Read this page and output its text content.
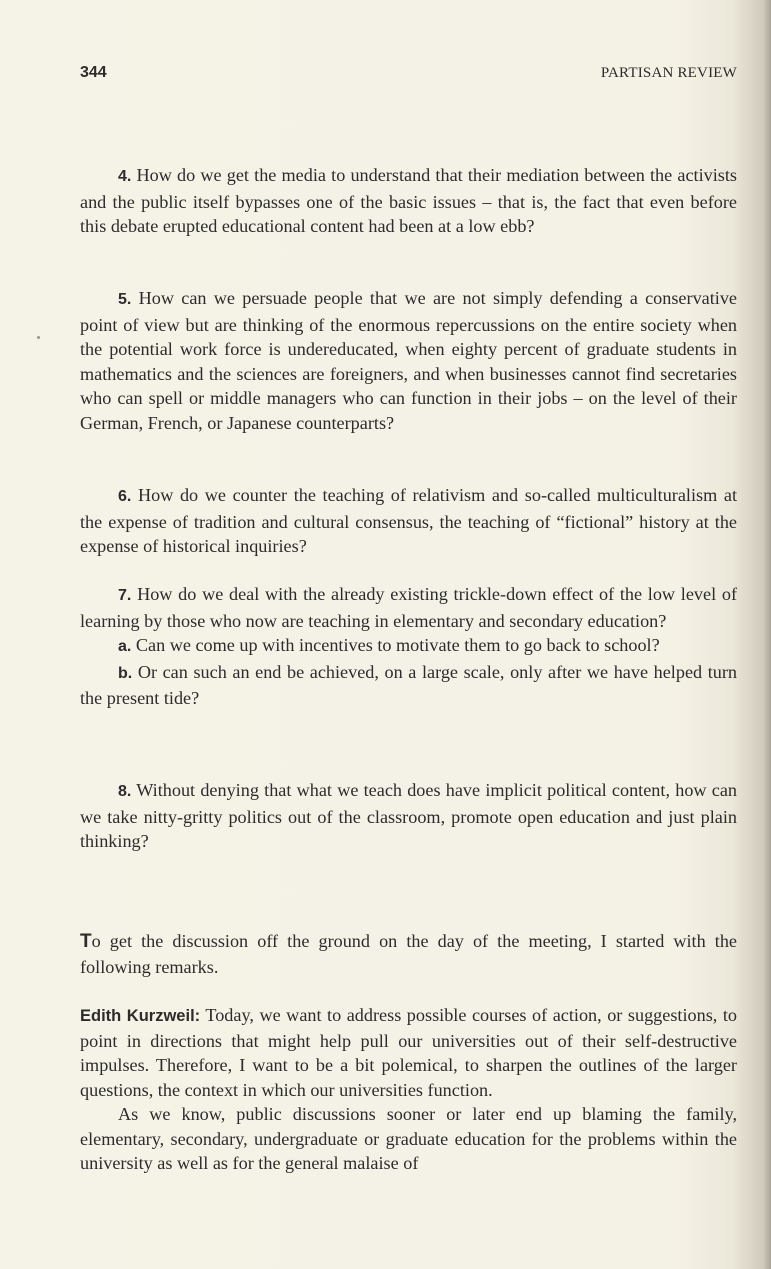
344	PARTISAN REVIEW

4. How do we get the media to understand that their mediation between the activists and the public itself bypasses one of the basic issues – that is, the fact that even before this debate erupted educational content had been at a low ebb?

5. How can we persuade people that we are not simply defending a conservative point of view but are thinking of the enormous repercussions on the entire society when the potential work force is undereducated, when eighty percent of graduate students in mathematics and the sciences are foreigners, and when businesses cannot find secretaries who can spell or middle managers who can function in their jobs – on the level of their German, French, or Japanese counterparts?

6. How do we counter the teaching of relativism and so-called multiculturalism at the expense of tradition and cultural consensus, the teaching of “fictional” history at the expense of historical inquiries?

7. How do we deal with the already existing trickle-down effect of the low level of learning by those who now are teaching in elementary and secondary education?

a. Can we come up with incentives to motivate them to go back to school?

b. Or can such an end be achieved, on a large scale, only after we have helped turn the present tide?

8. Without denying that what we teach does have implicit political content, how can we take nitty-gritty politics out of the classroom, promote open education and just plain thinking?

To get the discussion off the ground on the day of the meeting, I started with the following remarks.

Edith Kurzweil: Today, we want to address possible courses of action, or suggestions, to point in directions that might help pull our universities out of their self-destructive impulses. Therefore, I want to be a bit polemical, to sharpen the outlines of the larger questions, the context in which our universities function.

As we know, public discussions sooner or later end up blaming the family, elementary, secondary, undergraduate or graduate education for the problems within the university as well as for the general malaise of
